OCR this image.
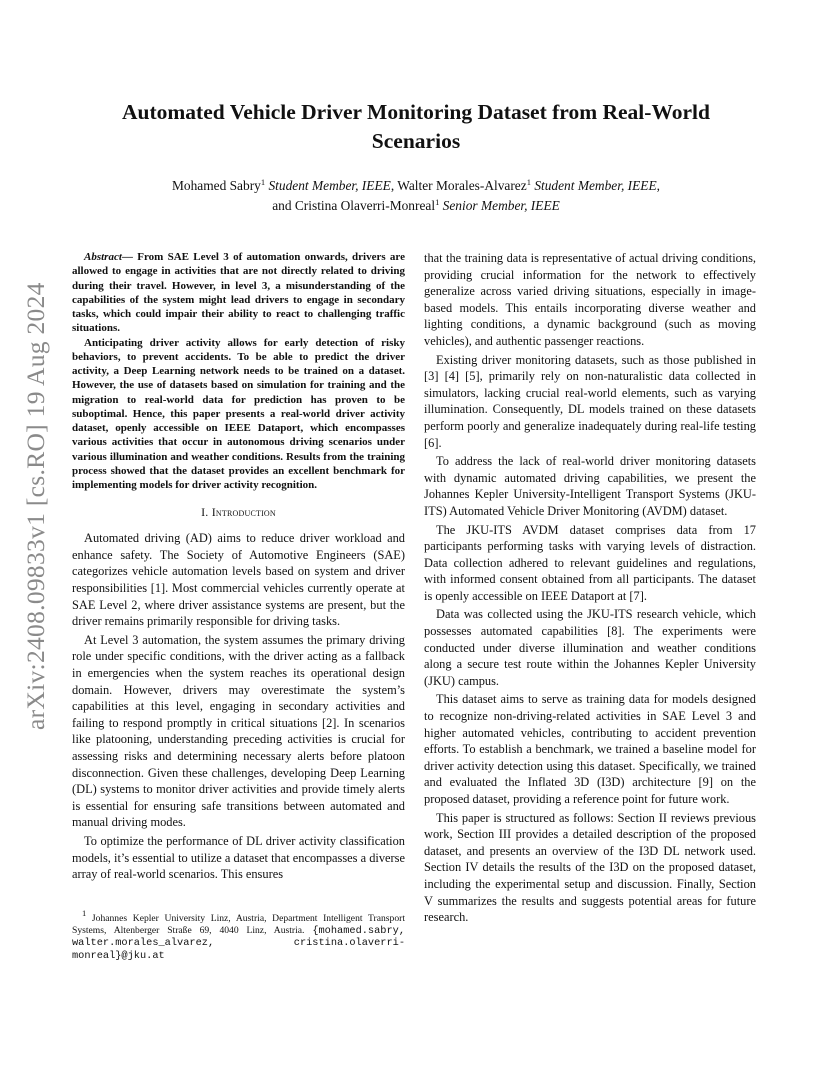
arXiv:2408.09833v1 [cs.RO] 19 Aug 2024
Automated Vehicle Driver Monitoring Dataset from Real-World Scenarios
Mohamed Sabry$^1$ Student Member, IEEE, Walter Morales-Alvarez$^1$ Student Member, IEEE,
and Cristina Olaverri-Monreal$^1$ Senior Member, IEEE

Abstract— From SAE Level 3 of automation onwards, drivers are allowed to engage in activities that are not directly related to driving during their travel. However, in level 3, a misunderstanding of the capabilities of the system might lead drivers to engage in secondary tasks, which could impair their ability to react to challenging traffic situations.

Anticipating driver activity allows for early detection of risky behaviors, to prevent accidents. To be able to predict the driver activity, a Deep Learning network needs to be trained on a dataset. However, the use of datasets based on simulation for training and the migration to real-world data for prediction has proven to be suboptimal. Hence, this paper presents a real-world driver activity dataset, openly accessible on IEEE Dataport, which encompasses various activities that occur in autonomous driving scenarios under various illumination and weather conditions. Results from the training process showed that the dataset provides an excellent benchmark for implementing models for driver activity recognition.

I. Introduction

Automated driving (AD) aims to reduce driver workload and enhance safety. The Society of Automotive Engineers (SAE) categorizes vehicle automation levels based on system and driver responsibilities [1]. Most commercial vehicles currently operate at SAE Level 2, where driver assistance systems are present, but the driver remains primarily responsible for driving tasks.

At Level 3 automation, the system assumes the primary driving role under specific conditions, with the driver acting as a fallback in emergencies when the system reaches its operational design domain. However, drivers may overestimate the system’s capabilities at this level, engaging in secondary activities and failing to respond promptly in critical situations [2]. In scenarios like platooning, understanding preceding activities is crucial for assessing risks and determining necessary alerts before platoon disconnection. Given these challenges, developing Deep Learning (DL) systems to monitor driver activities and provide timely alerts is essential for ensuring safe transitions between automated and manual driving modes.

To optimize the performance of DL driver activity classification models, it’s essential to utilize a dataset that encompasses a diverse array of real-world scenarios. This ensures

$^1$ Johannes Kepler University Linz, Austria, Department Intelligent Transport Systems, Altenberger Straße 69, 4040 Linz, Austria. {mohamed.sabry, walter.morales_alvarez, cristina.olaverri-monreal}@jku.at

that the training data is representative of actual driving conditions, providing crucial information for the network to effectively generalize across varied driving situations, especially in image-based models. This entails incorporating diverse weather and lighting conditions, a dynamic background (such as moving vehicles), and authentic passenger reactions.

Existing driver monitoring datasets, such as those published in [3] [4] [5], primarily rely on non-naturalistic data collected in simulators, lacking crucial real-world elements, such as varying illumination. Consequently, DL models trained on these datasets perform poorly and generalize inadequately during real-life testing [6].

To address the lack of real-world driver monitoring datasets with dynamic automated driving capabilities, we present the Johannes Kepler University-Intelligent Transport Systems (JKU-ITS) Automated Vehicle Driver Monitoring (AVDM) dataset.

The JKU-ITS AVDM dataset comprises data from 17 participants performing tasks with varying levels of distraction. Data collection adhered to relevant guidelines and regulations, with informed consent obtained from all participants. The dataset is openly accessible on IEEE Dataport at [7].

Data was collected using the JKU-ITS research vehicle, which possesses automated capabilities [8]. The experiments were conducted under diverse illumination and weather conditions along a secure test route within the Johannes Kepler University (JKU) campus.

This dataset aims to serve as training data for models designed to recognize non-driving-related activities in SAE Level 3 and higher automated vehicles, contributing to accident prevention efforts. To establish a benchmark, we trained a baseline model for driver activity detection using this dataset. Specifically, we trained and evaluated the Inflated 3D (I3D) architecture [9] on the proposed dataset, providing a reference point for future work.

This paper is structured as follows: Section II reviews previous work, Section III provides a detailed description of the proposed dataset, and presents an overview of the I3D DL network used. Section IV details the results of the I3D on the proposed dataset, including the experimental setup and discussion. Finally, Section V summarizes the results and suggests potential areas for future research.
